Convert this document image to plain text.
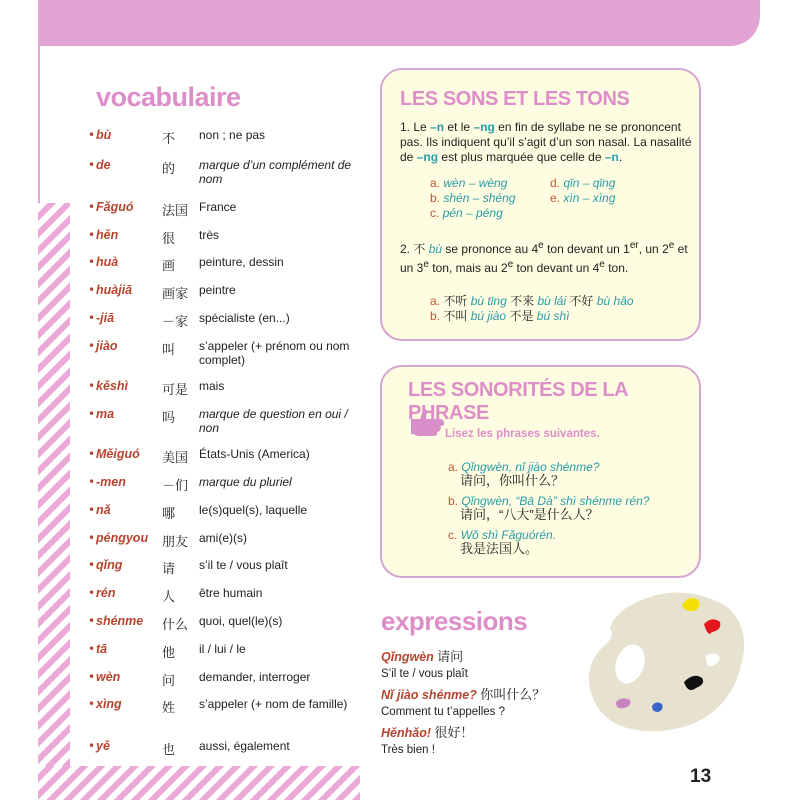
vocabulaire
bù	不	non ; ne pas
•
de	的	marque d’un complément de nom
•
Fǎguó	法国 France
•
hěn	很	très
•
huà	画	peinture, dessin
•
huàjiā	画家 peintre
•
-jiā	－家 spécialiste (en...)
•
jiào	叫	s’appeler (+ prénom ou nom complet)
•
kěshì	可是 mais
•
ma	吗	marque de question en oui / non
•
Měiguó	美国 États-Unis (America)
•
-men	－们 marque du pluriel
•
nǎ	哪	le(s)quel(s), laquelle
•
péngyou	朋友 ami(e)(s)
•
qǐng	请	s’il te / vous plaît
•
rén	人	être humain
•
shénme	什么 quoi, quel(le)(s)
•
tā	他	il / lui / le
•
wèn	问	demander, interroger
•
xìng	姓	s’appeler (+ nom de famille)
•
yě	也	aussi, également
•
LES SONS ET LES TONS
1. Le –n et le –ng en fin de syllabe ne se prononcent pas. Ils indiquent qu’il s’agit d’un son nasal. La nasalité de –ng est plus marquée que celle de –n.
a. wèn – wèng	d. qīn – qīng
b. shén – shéng	e. xìn – xìng
c. pén – péng
2. 不 bù se prononce au 4e ton devant un 1er, un 2e et un 3e ton, mais au 2e ton devant un 4e ton.
a. 不听 bù tīng 不来 bù lái 不好 bù hǎo
b. 不叫 bú jiào 不是 bú shì
LES SONORITÉS DE LA PHRASE
Lisez les phrases suivantes.
a. Qǐngwèn, nǐ jiào shénme?
请问，你叫什么？
b. Qǐngwèn, “Bā Dà” shì shénme rén?
请问，“八大”是什么人？
c. Wǒ shì Fǎguórén.
我是法国人。
expressions
Qǐngwèn 请问
S’il te / vous plaît
Nǐ jiào shénme? 你叫什么？
Comment tu t’appelles ?
Hěnhǎo! 很好！
Très bien !
13
